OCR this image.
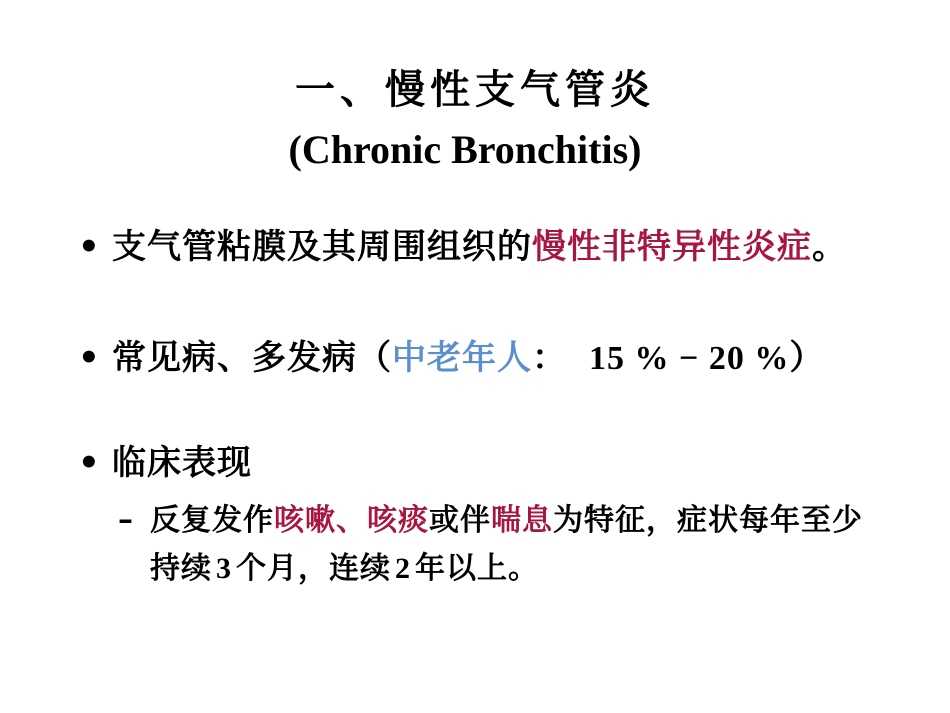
一、慢性支气管炎
(Chronic Bronchitis)
• 支气管粘膜及其周围组织的慢性非特异性炎症。
• 常见病、多发病（中老年人： 15 % − 20 %）
• 临床表现
– 反复发作咳嗽、咳痰或伴喘息为特征，症状每年至少持续 3 个月，连续 2 年以上。
